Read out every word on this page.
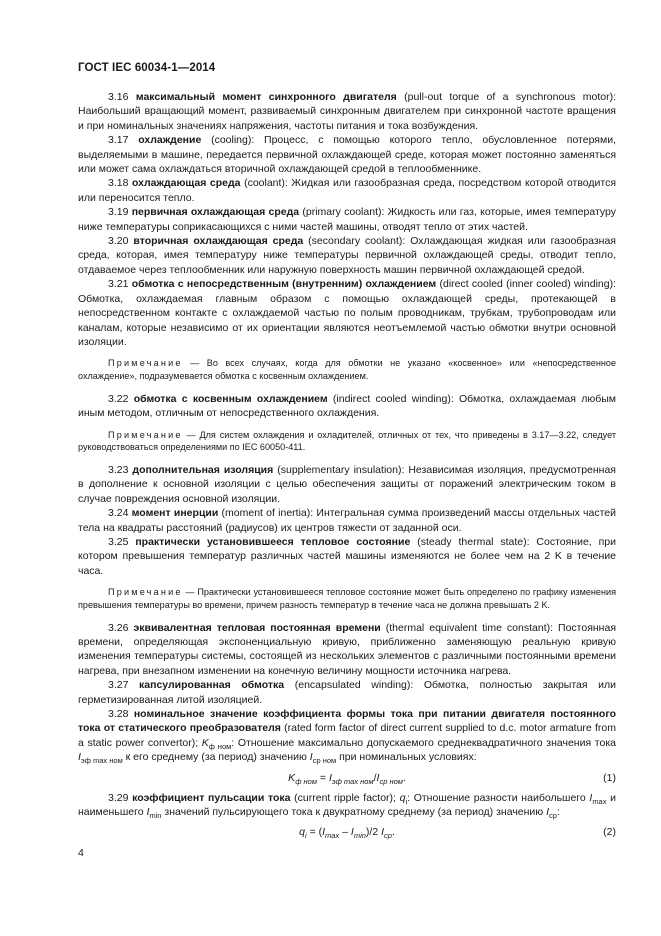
ГОСТ IEC 60034-1—2014

3.16 максимальный момент синхронного двигателя (pull-out torque of a synchronous motor): Наибольший вращающий момент, развиваемый синхронным двигателем при синхронной частоте вращения и при номинальных значениях напряжения, частоты питания и тока возбуждения.

3.17 охлаждение (cooling): Процесс, с помощью которого тепло, обусловленное потерями, выделяемыми в машине, передается первичной охлаждающей среде, которая может постоянно заменяться или может сама охлаждаться вторичной охлаждающей средой в теплообменнике.

3.18 охлаждающая среда (coolant): Жидкая или газообразная среда, посредством которой отводится или переносится тепло.

3.19 первичная охлаждающая среда (primary coolant): Жидкость или газ, которые, имея температуру ниже температуры соприкасающихся с ними частей машины, отводят тепло от этих частей.

3.20 вторичная охлаждающая среда (secondary coolant): Охлаждающая жидкая или газообразная среда, которая, имея температуру ниже температуры первичной охлаждающей среды, отводит тепло, отдаваемое через теплообменник или наружную поверхность машин первичной охлаждающей средой.

3.21 обмотка с непосредственным (внутренним) охлаждением (direct cooled (inner cooled) winding): Обмотка, охлаждаемая главным образом с помощью охлаждающей среды, протекающей в непосредственном контакте с охлаждаемой частью по полым проводникам, трубкам, трубопроводам или каналам, которые независимо от их ориентации являются неотъемлемой частью обмотки внутри основной изоляции.

Примечание — Во всех случаях, когда для обмотки не указано «косвенное» или «непосредственное охлаждение», подразумевается обмотка с косвенным охлаждением.

3.22 обмотка с косвенным охлаждением (indirect cooled winding): Обмотка, охлаждаемая любым иным методом, отличным от непосредственного охлаждения.

Примечание — Для систем охлаждения и охладителей, отличных от тех, что приведены в 3.17—3.22, следует руководствоваться определениями по IEC 60050-411.

3.23 дополнительная изоляция (supplementary insulation): Независимая изоляция, предусмотренная в дополнение к основной изоляции с целью обеспечения защиты от поражений электрическим током в случае повреждения основной изоляции.

3.24 момент инерции (moment of inertia): Интегральная сумма произведений массы отдельных частей тела на квадраты расстояний (радиусов) их центров тяжести от заданной оси.

3.25 практически установившееся тепловое состояние (steady thermal state): Состояние, при котором превышения температур различных частей машины изменяются не более чем на 2 K в течение часа.

Примечание — Практически установившееся тепловое состояние может быть определено по графику изменения превышения температуры во времени, причем разность температур в течение часа не должна превышать 2 K.

3.26 эквивалентная тепловая постоянная времени (thermal equivalent time constant): Постоянная времени, определяющая экспоненциальную кривую, приближенно заменяющую реальную кривую изменения температуры системы, состоящей из нескольких элементов с различными постоянными времени нагрева, при внезапном изменении на конечную величину мощности источника нагрева.

3.27 капсулированная обмотка (encapsulated winding): Обмотка, полностью закрытая или герметизированная литой изоляцией.

3.28 номинальное значение коэффициента формы тока при питании двигателя постоянного тока от статического преобразователя (rated form factor of direct current supplied to d.c. motor armature from a static power convertor); $K_{ф ном}$: Отношение максимально допускаемого среднеквадратичного значения тока $I_{эф max ном}$ к его среднему (за период) значению $I_{ср ном}$ при номинальных условиях:

$K_{ф ном} = I_{эф max ном}/I_{ср ном}$.	(1)

3.29 коэффициент пульсации тока (current ripple factor); $q_i$: Отношение разности наибольшего $I_{max}$ и наименьшего $I_{min}$ значений пульсирующего тока к двукратному среднему (за период) значению $I_{ср}$:

$q_i = (I_{max} - I_{min})/2$ $I_{ср}$.	(2)
4
